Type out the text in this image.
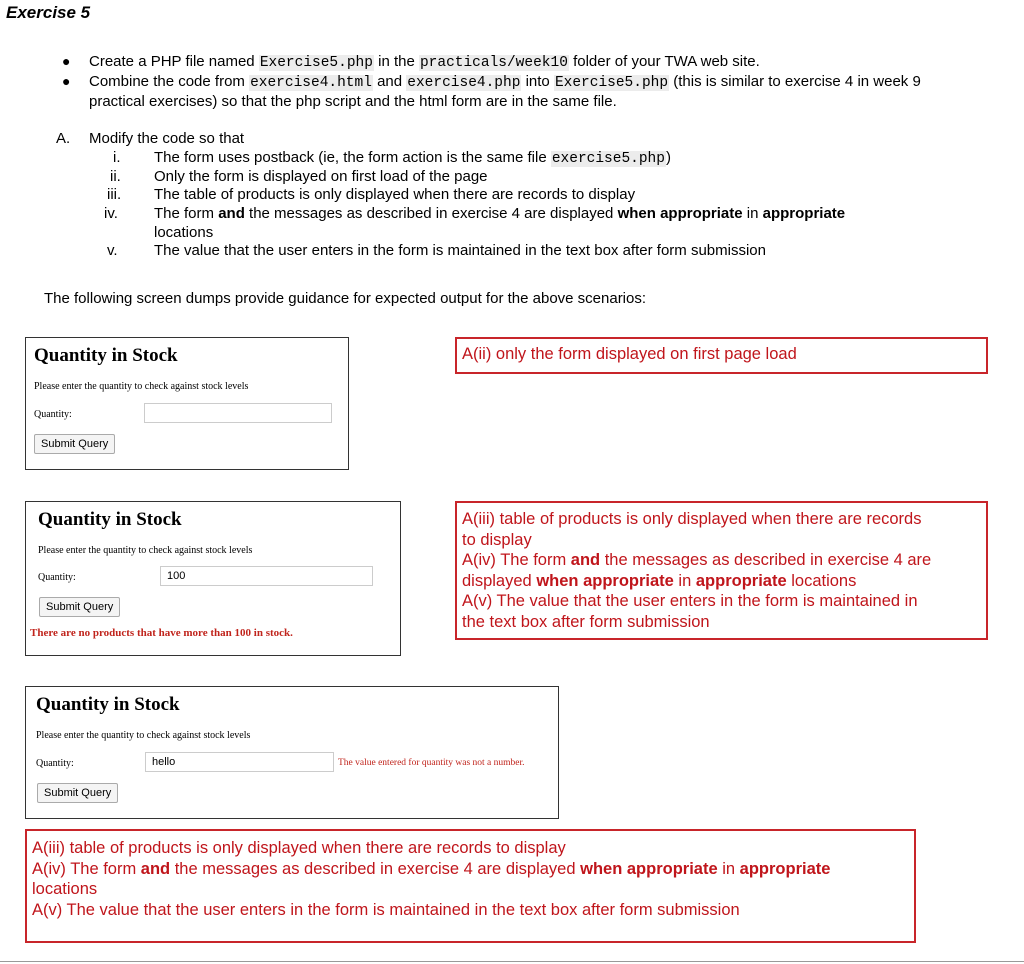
Exercise 5
● Create a PHP file named Exercise5.php in the practicals/week10 folder of your TWA web site.
● Combine the code from exercise4.html and exercise4.php into Exercise5.php (this is similar to exercise 4 in week 9
practical exercises) so that the php script and the html form are in the same file.
A. Modify the code so that
i. The form uses postback (ie, the form action is the same file exercise5.php)
ii. Only the form is displayed on first load of the page
iii. The table of products is only displayed when there are records to display
iv. The form and the messages as described in exercise 4 are displayed when appropriate in appropriate
locations
v. The value that the user enters in the form is maintained in the text box after form submission
The following screen dumps provide guidance for expected output for the above scenarios:
Quantity in Stock
Please enter the quantity to check against stock levels
Quantity:
Submit Query
Quantity in Stock
Please enter the quantity to check against stock levels
Quantity:	100
Submit Query
There are no products that have more than 100 in stock.
Quantity in Stock
Please enter the quantity to check against stock levels
Quantity:	hello	The value entered for quantity was not a number.
Submit Query
A(ii) only the form displayed on first page load
A(iii) table of products is only displayed when there are records
to display
A(iv) The form and the messages as described in exercise 4 are
displayed when appropriate in appropriate locations
A(v) The value that the user enters in the form is maintained in
the text box after form submission
A(iii) table of products is only displayed when there are records to display
A(iv) The form and the messages as described in exercise 4 are displayed when appropriate in appropriate
locations
A(v) The value that the user enters in the form is maintained in the text box after form submission
